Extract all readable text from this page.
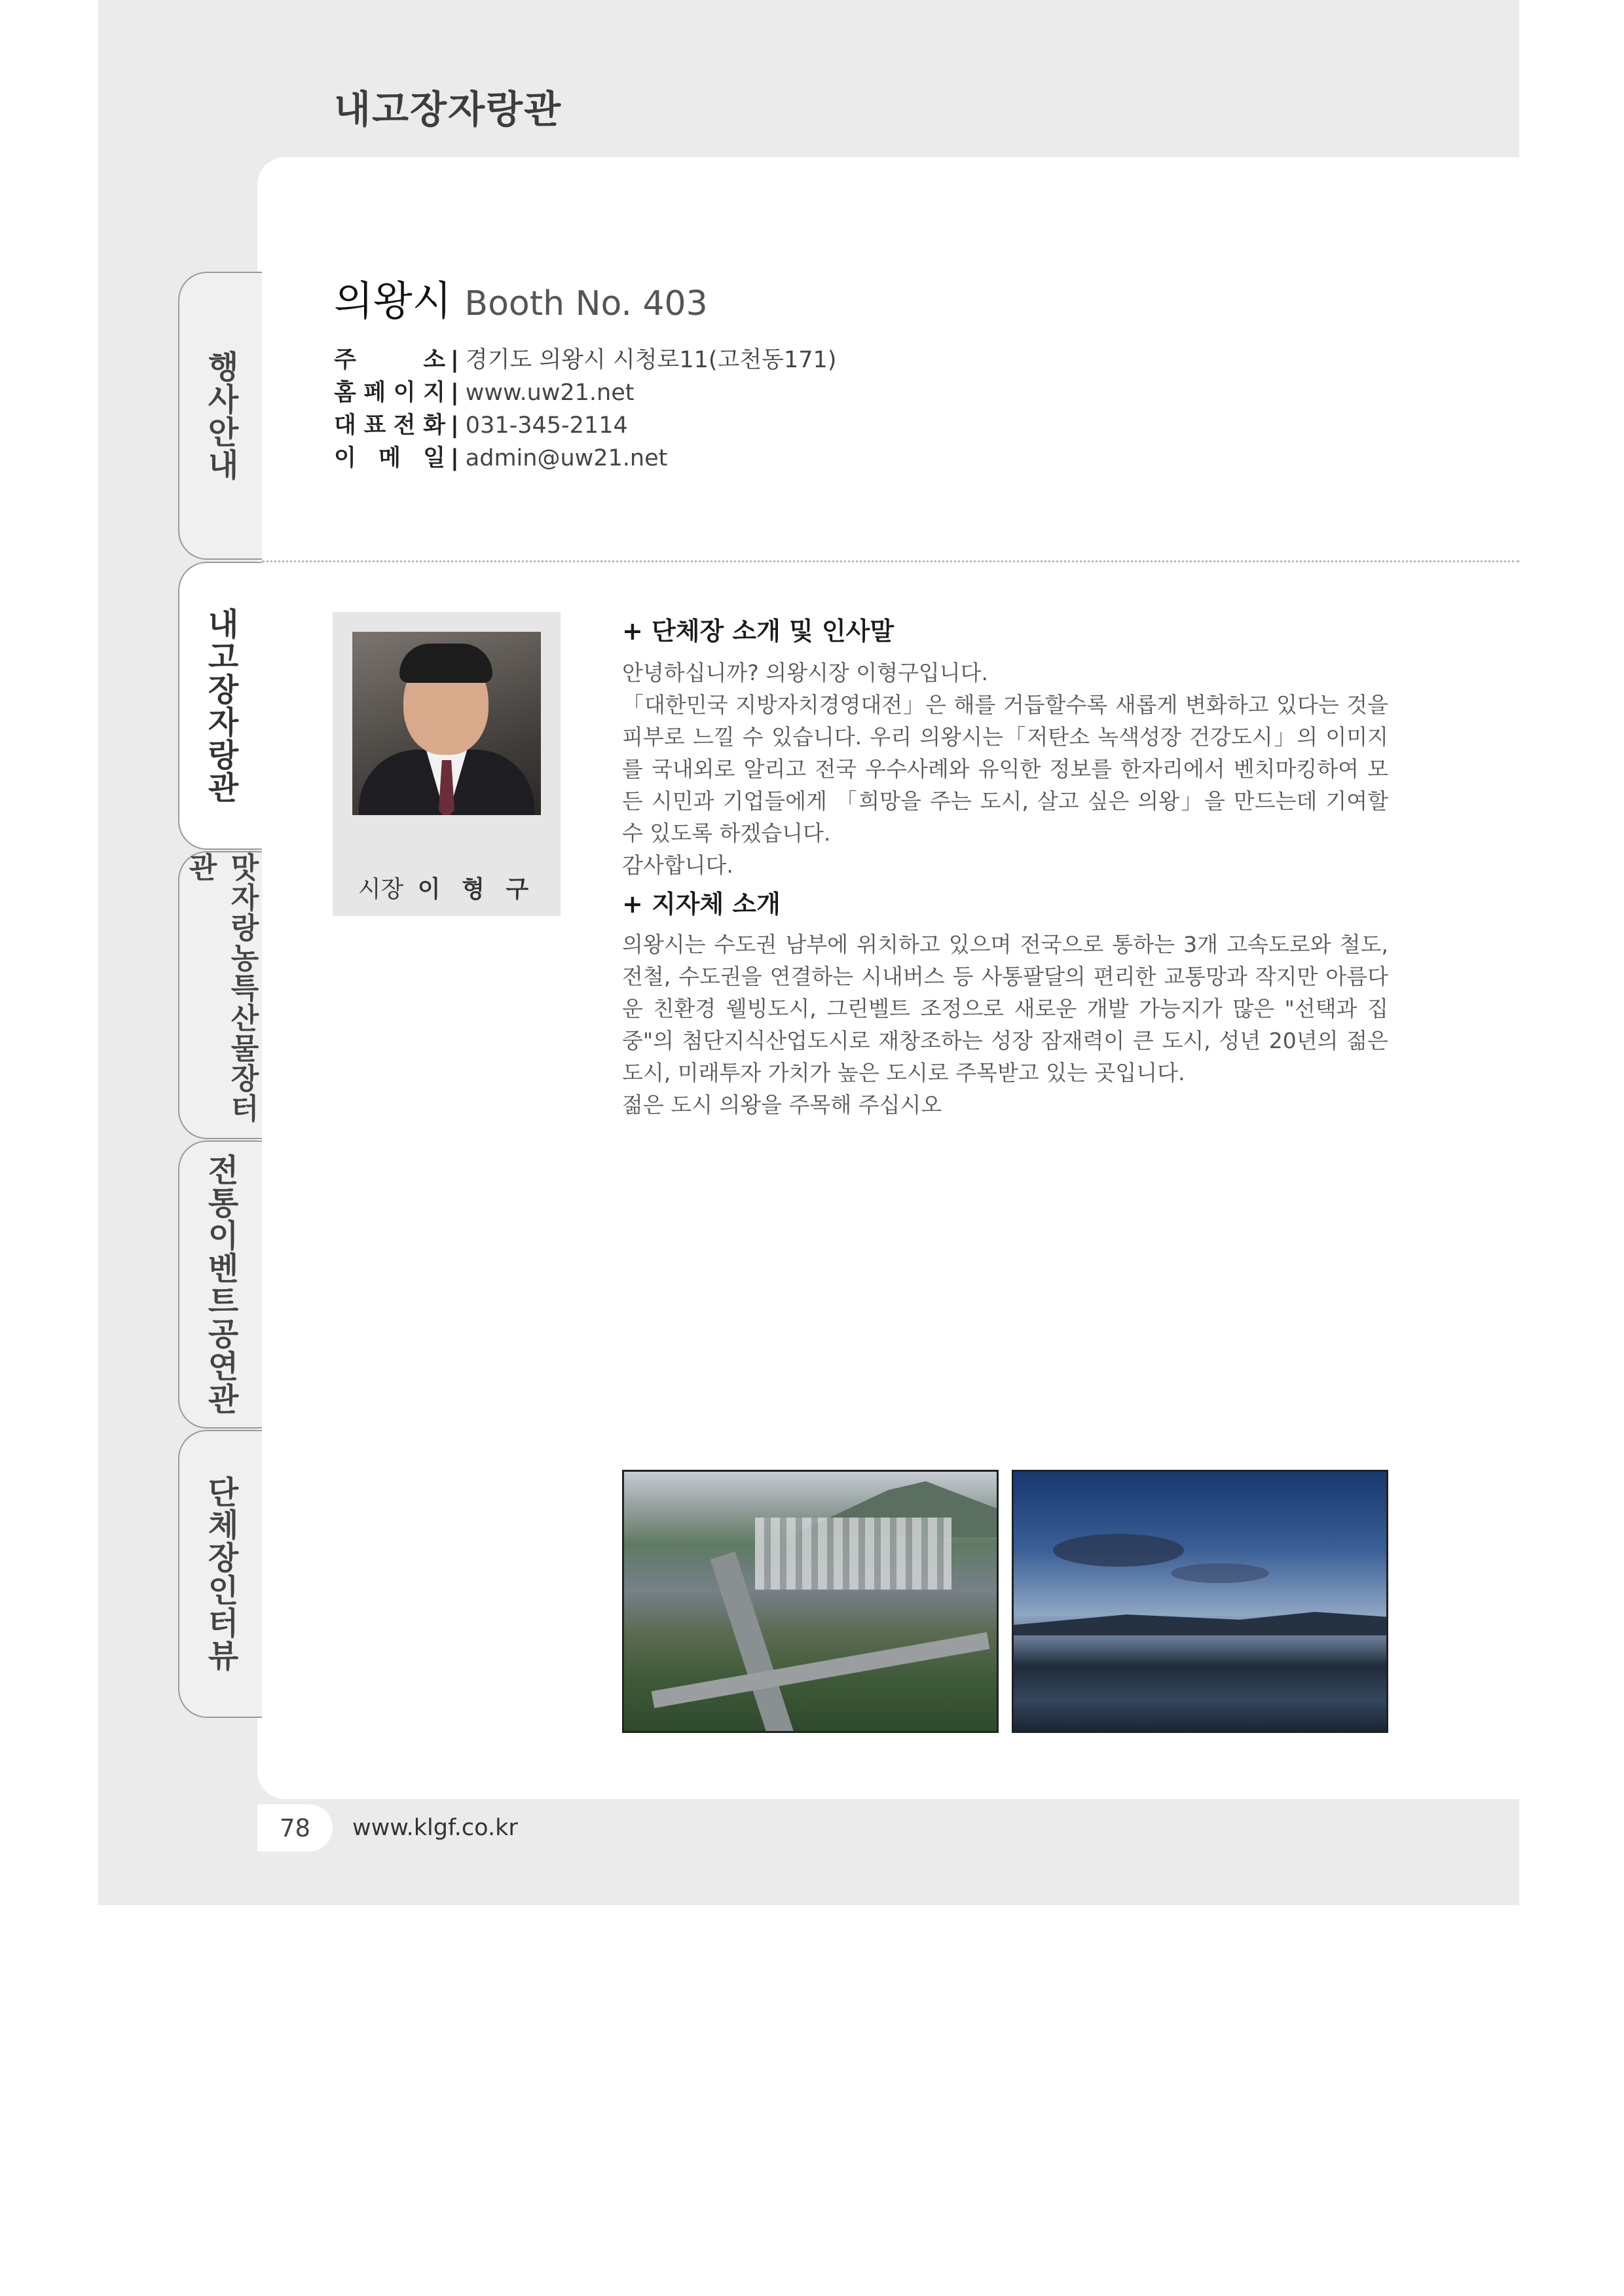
내고장자랑관
행사안내
내고장자랑관
맛자랑농특산물장터관
전통이벤트공연관
단체장인터뷰
의왕시 Booth No. 403
주	소 | 경기도 의왕시 시청로11(고천동171)
홈 페 이 지 | www.uw21.net
대 표 전 화 | 031-345-2114
이 메 일 | admin@uw21.net
시장 이 형 구
+ 단체장 소개 및 인사말

안녕하십니까? 의왕시장 이형구입니다.

「대한민국 지방자치경영대전」은 해를 거듭할수록 새롭게 변화하고 있다는 것을 피부로 느낄 수 있습니다. 우리 의왕시는「저탄소 녹색성장 건강도시」의 이미지를 국내외로 알리고 전국 우수사례와 유익한 정보를 한자리에서 벤치마킹하여 모든 시민과 기업들에게 「희망을 주는 도시, 살고 싶은 의왕」을 만드는데 기여할 수 있도록 하겠습니다.

감사합니다.

+ 지자체 소개

의왕시는 수도권 남부에 위치하고 있으며 전국으로 통하는 3개 고속도로와 철도, 전철, 수도권을 연결하는 시내버스 등 사통팔달의 편리한 교통망과 작지만 아름다운 친환경 웰빙도시, 그린벨트 조정으로 새로운 개발 가능지가 많은 "선택과 집중"의 첨단지식산업도시로 재창조하는 성장 잠재력이 큰 도시, 성년 20년의 젊은 도시, 미래투자 가치가 높은 도시로 주목받고 있는 곳입니다.

젊은 도시 의왕을 주목해 주십시오

78	www.klgf.co.kr
